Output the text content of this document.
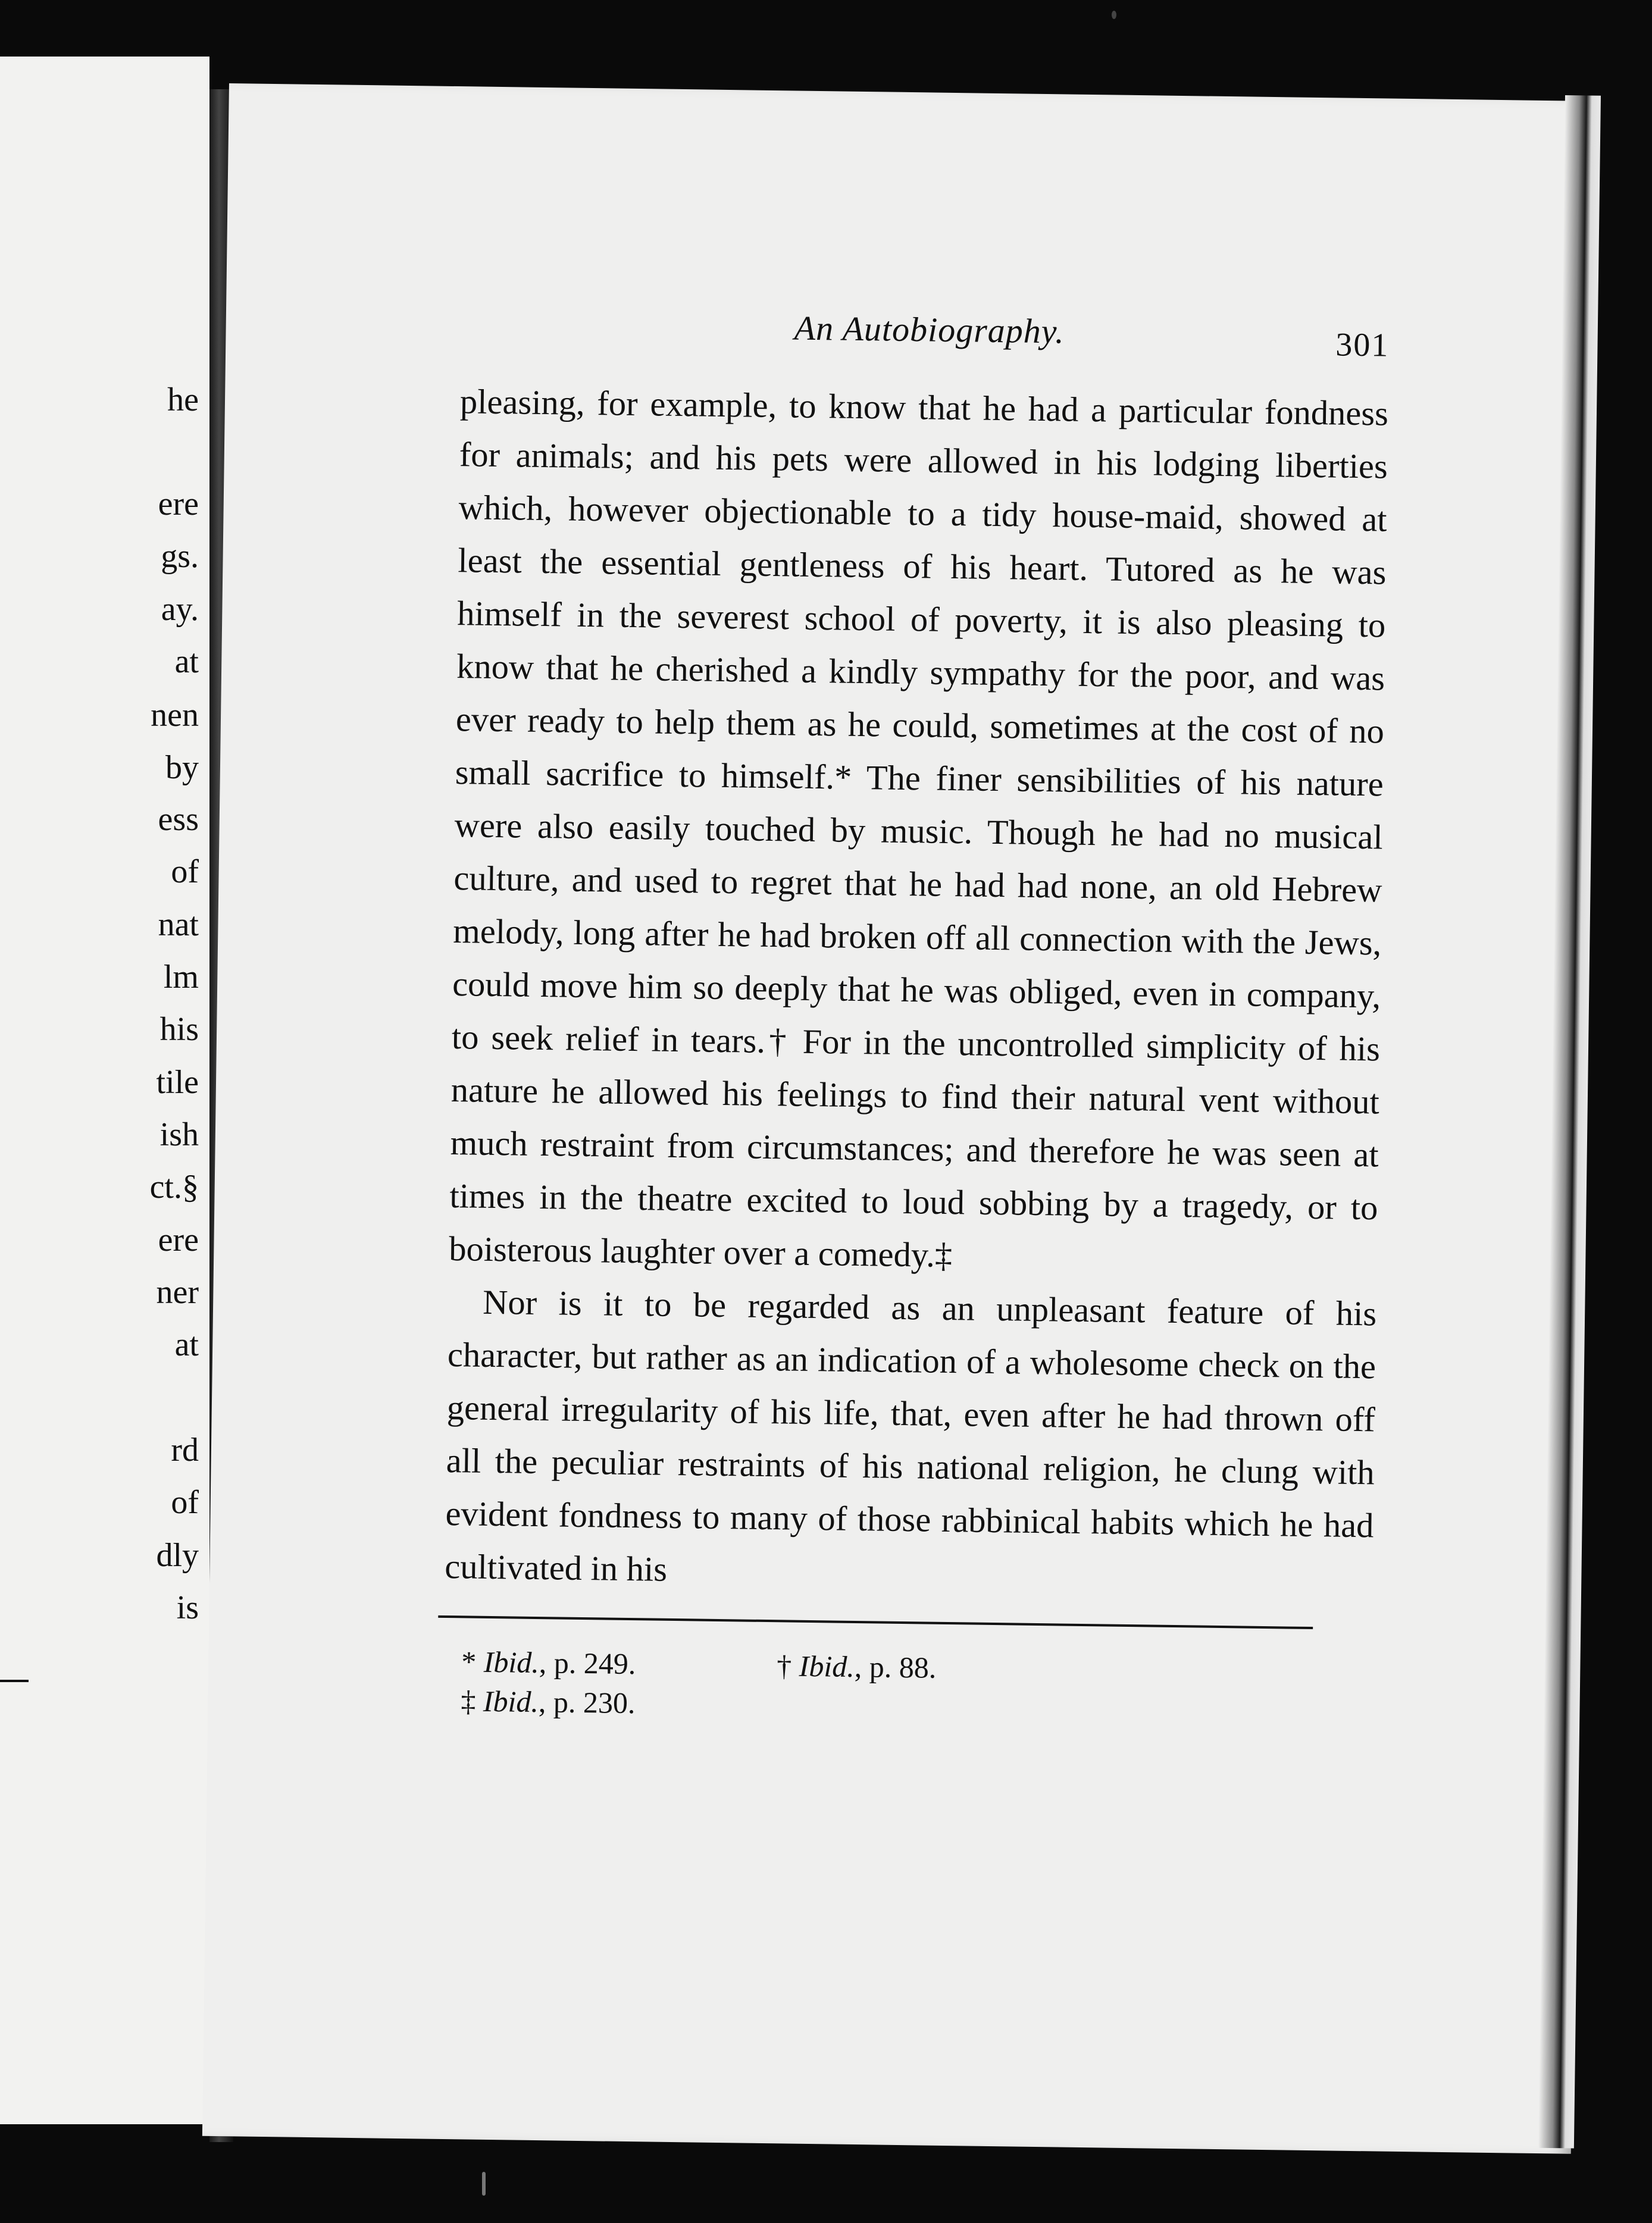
he
ere
gs.
ay.
at
nen
by
ess
of
nat
lm
his
tile
ish
ct.§
ere
ner
at
rd
of
dly
is
An Autobiography.	301

pleasing, for example, to know that he had a particular fondness for animals; and his pets were allowed in his lodging liberties which, however objectionable to a tidy house-maid, showed at least the essential gentleness of his heart. Tutored as he was himself in the severest school of poverty, it is also pleasing to know that he cherished a kindly sympathy for the poor, and was ever ready to help them as he could, sometimes at the cost of no small sacrifice to himself.* The finer sensibilities of his nature were also easily touched by music. Though he had no musical culture, and used to regret that he had had none, an old Hebrew melody, long after he had broken off all connection with the Jews, could move him so deeply that he was obliged, even in company, to seek relief in tears.† For in the uncontrolled simplicity of his nature he allowed his feelings to find their natural vent without much restraint from circumstances; and therefore he was seen at times in the theatre excited to loud sobbing by a tragedy, or to boisterous laughter over a comedy.‡

Nor is it to be regarded as an unpleasant feature of his character, but rather as an indication of a wholesome check on the general irregularity of his life, that, even after he had thrown off all the peculiar restraints of his national religion, he clung with evident fondness to many of those rabbinical habits which he had cultivated in his

* Ibid., p. 249.	† Ibid., p. 88.
‡ Ibid., p. 230.
